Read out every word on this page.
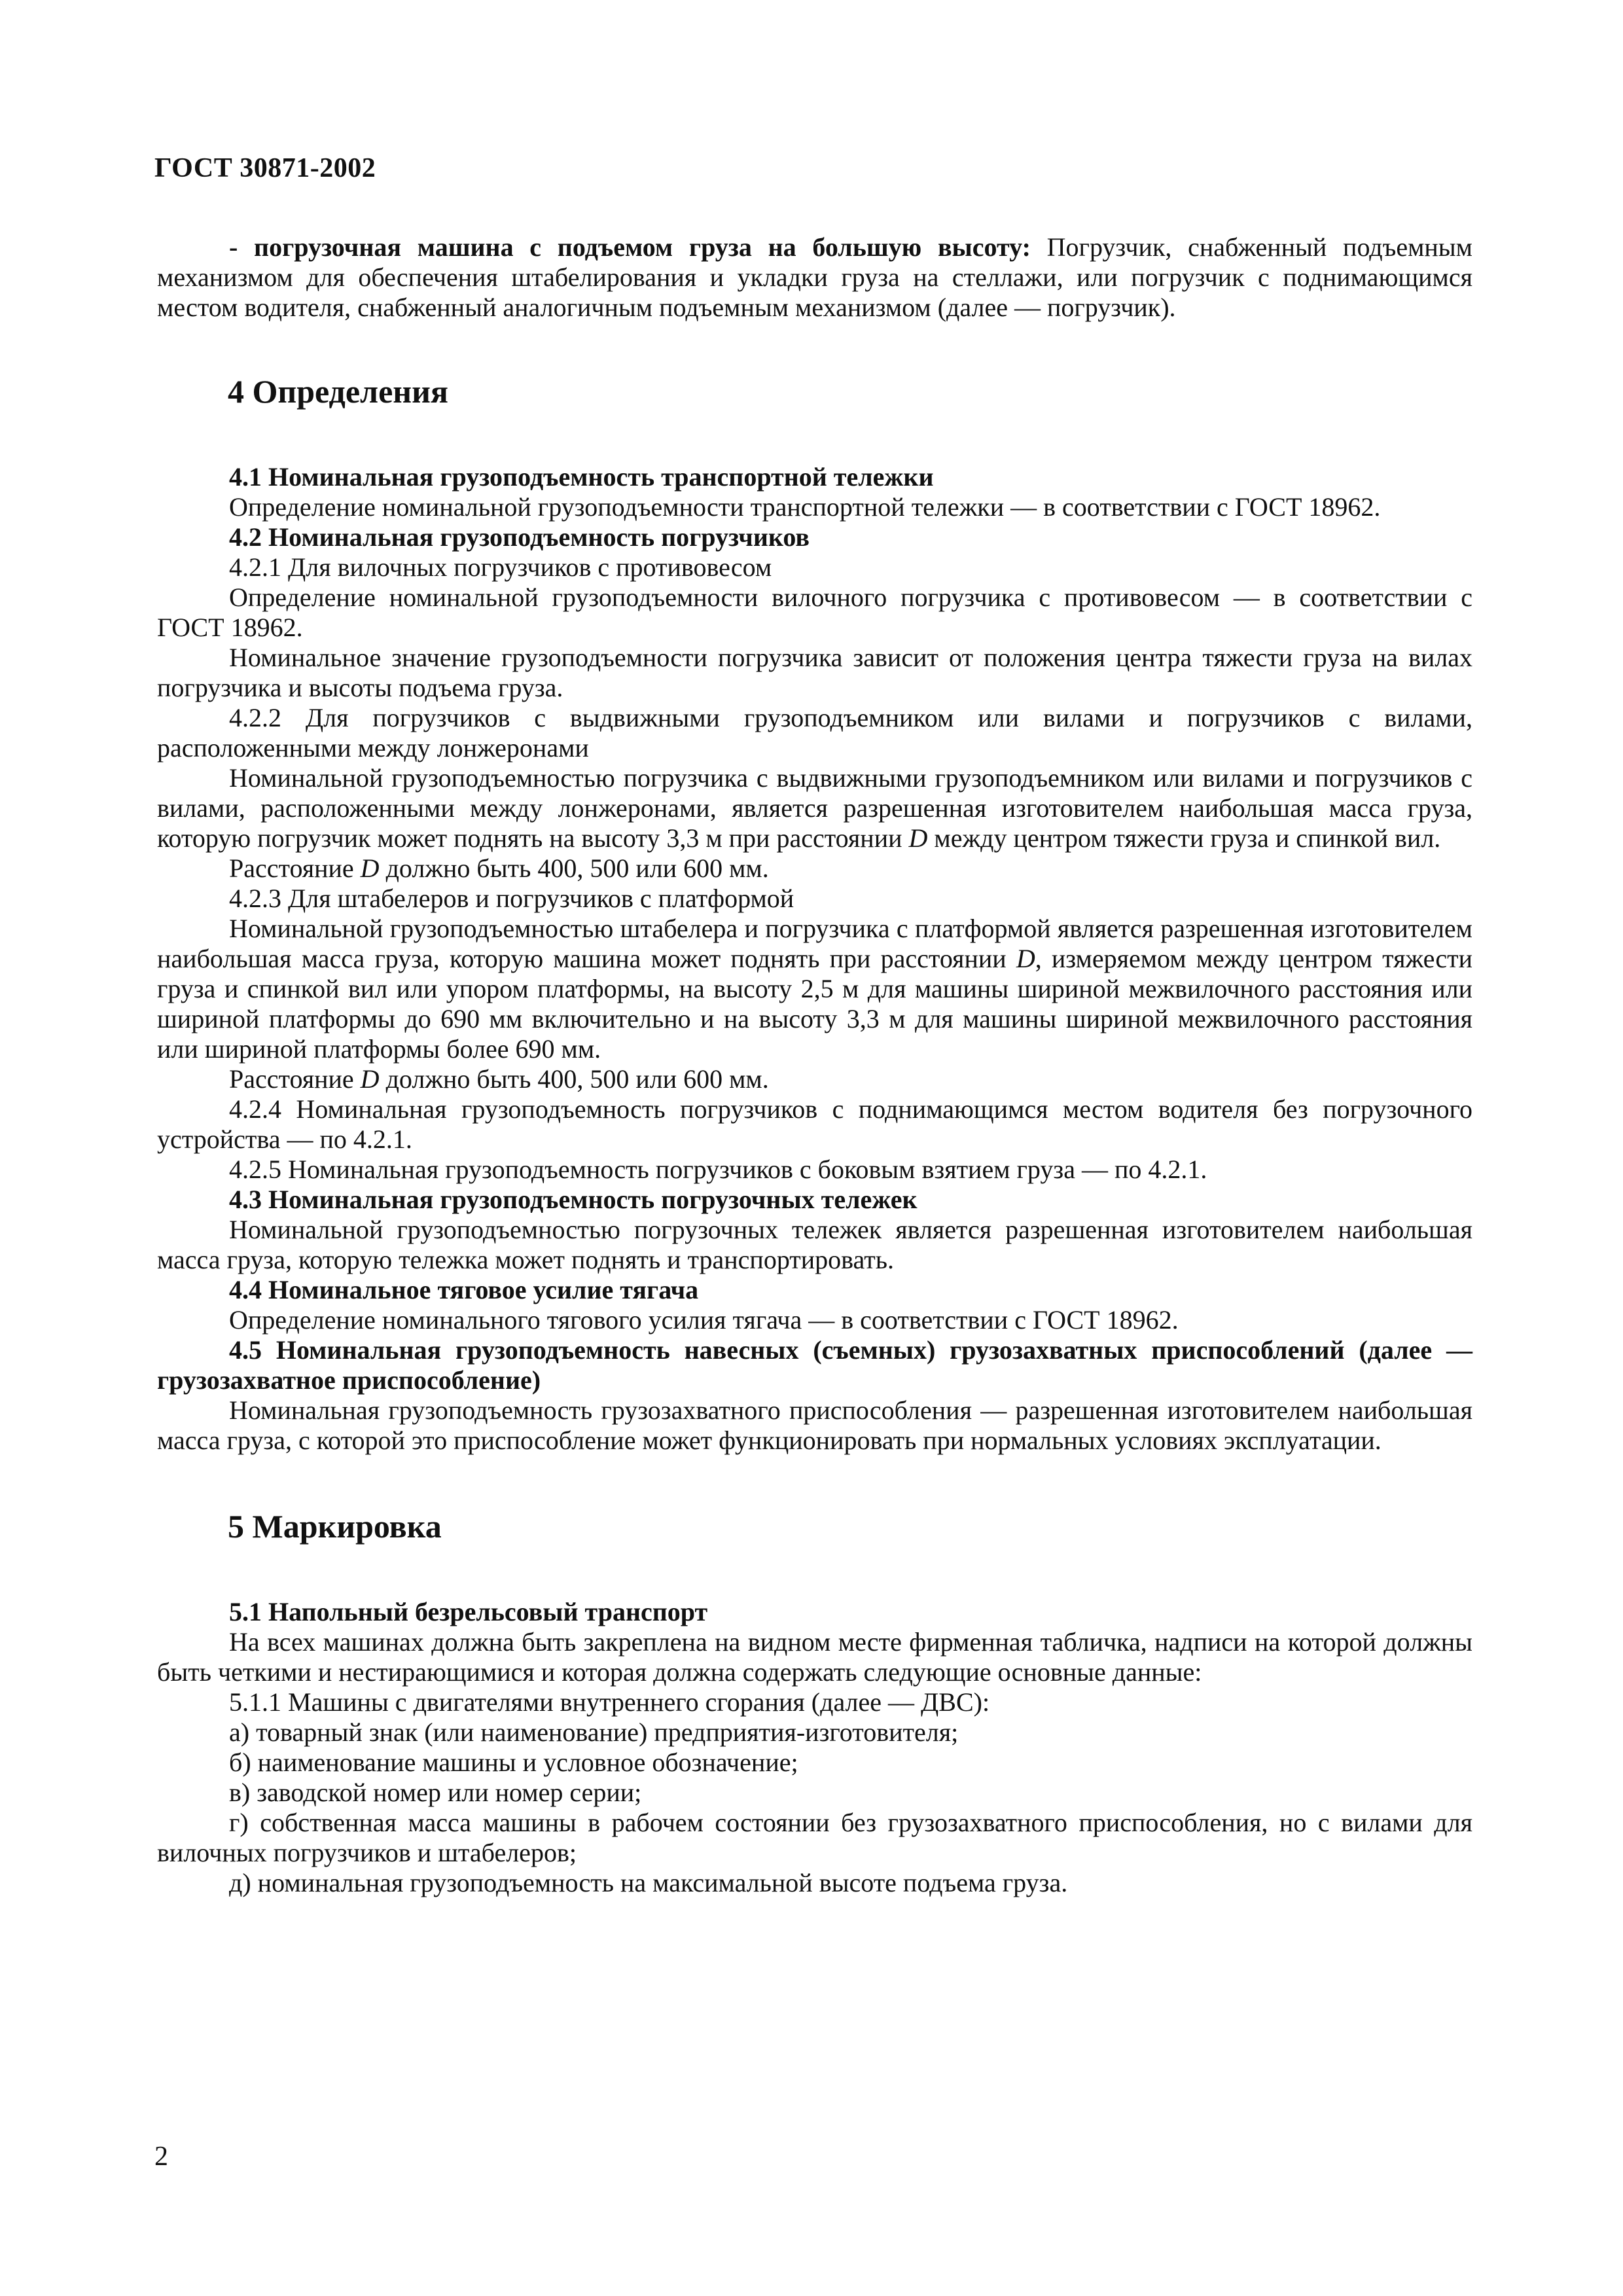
ГОСТ 30871-2002

- погрузочная машина с подъемом груза на большую высоту: Погрузчик, снабженный подъемным механизмом для обеспечения штабелирования и укладки груза на стеллажи, или погрузчик с поднимающимся местом водителя, снабженный аналогичным подъемным механизмом (далее — погрузчик).

4 Определения

4.1 Номинальная грузоподъемность транспортной тележки

Определение номинальной грузоподъемности транспортной тележки — в соответствии с ГОСТ 18962.

4.2 Номинальная грузоподъемность погрузчиков

4.2.1 Для вилочных погрузчиков с противовесом

Определение номинальной грузоподъемности вилочного погрузчика с противовесом — в соответствии с ГОСТ 18962.

Номинальное значение грузоподъемности погрузчика зависит от положения центра тяжести груза на вилах погрузчика и высоты подъема груза.

4.2.2 Для погрузчиков с выдвижными грузоподъемником или вилами и погрузчиков с вилами, расположенными между лонжеронами

Номинальной грузоподъемностью погрузчика с выдвижными грузоподъемником или вилами и погрузчиков с вилами, расположенными между лонжеронами, является разрешенная изготовителем наибольшая масса груза, которую погрузчик может поднять на высоту 3,3 м при расстоянии D между центром тяжести груза и спинкой вил.

Расстояние D должно быть 400, 500 или 600 мм.

4.2.3 Для штабелеров и погрузчиков с платформой

Номинальной грузоподъемностью штабелера и погрузчика с платформой является разрешенная изготовителем наибольшая масса груза, которую машина может поднять при расстоянии D, измеряемом между центром тяжести груза и спинкой вил или упором платформы, на высоту 2,5 м для машины шириной межвилочного расстояния или шириной платформы до 690 мм включительно и на высоту 3,3 м для машины шириной межвилочного расстояния или шириной платформы более 690 мм.

Расстояние D должно быть 400, 500 или 600 мм.

4.2.4 Номинальная грузоподъемность погрузчиков с поднимающимся местом водителя без погрузочного устройства — по 4.2.1.

4.2.5 Номинальная грузоподъемность погрузчиков с боковым взятием груза — по 4.2.1.

4.3 Номинальная грузоподъемность погрузочных тележек

Номинальной грузоподъемностью погрузочных тележек является разрешенная изготовителем наибольшая масса груза, которую тележка может поднять и транспортировать.

4.4 Номинальное тяговое усилие тягача

Определение номинального тягового усилия тягача — в соответствии с ГОСТ 18962.

4.5 Номинальная грузоподъемность навесных (съемных) грузозахватных приспособлений (далее — грузозахватное приспособление)

Номинальная грузоподъемность грузозахватного приспособления — разрешенная изготовителем наибольшая масса груза, с которой это приспособление может функционировать при нормальных условиях эксплуатации.

5 Маркировка

5.1 Напольный безрельсовый транспорт

На всех машинах должна быть закреплена на видном месте фирменная табличка, надписи на которой должны быть четкими и нестирающимися и которая должна содержать следующие основные данные:

5.1.1 Машины с двигателями внутреннего сгорания (далее — ДВС):

а) товарный знак (или наименование) предприятия-изготовителя;

б) наименование машины и условное обозначение;

в) заводской номер или номер серии;

г) собственная масса машины в рабочем состоянии без грузозахватного приспособления, но с вилами для вилочных погрузчиков и штабелеров;

д) номинальная грузоподъемность на максимальной высоте подъема груза.

2
